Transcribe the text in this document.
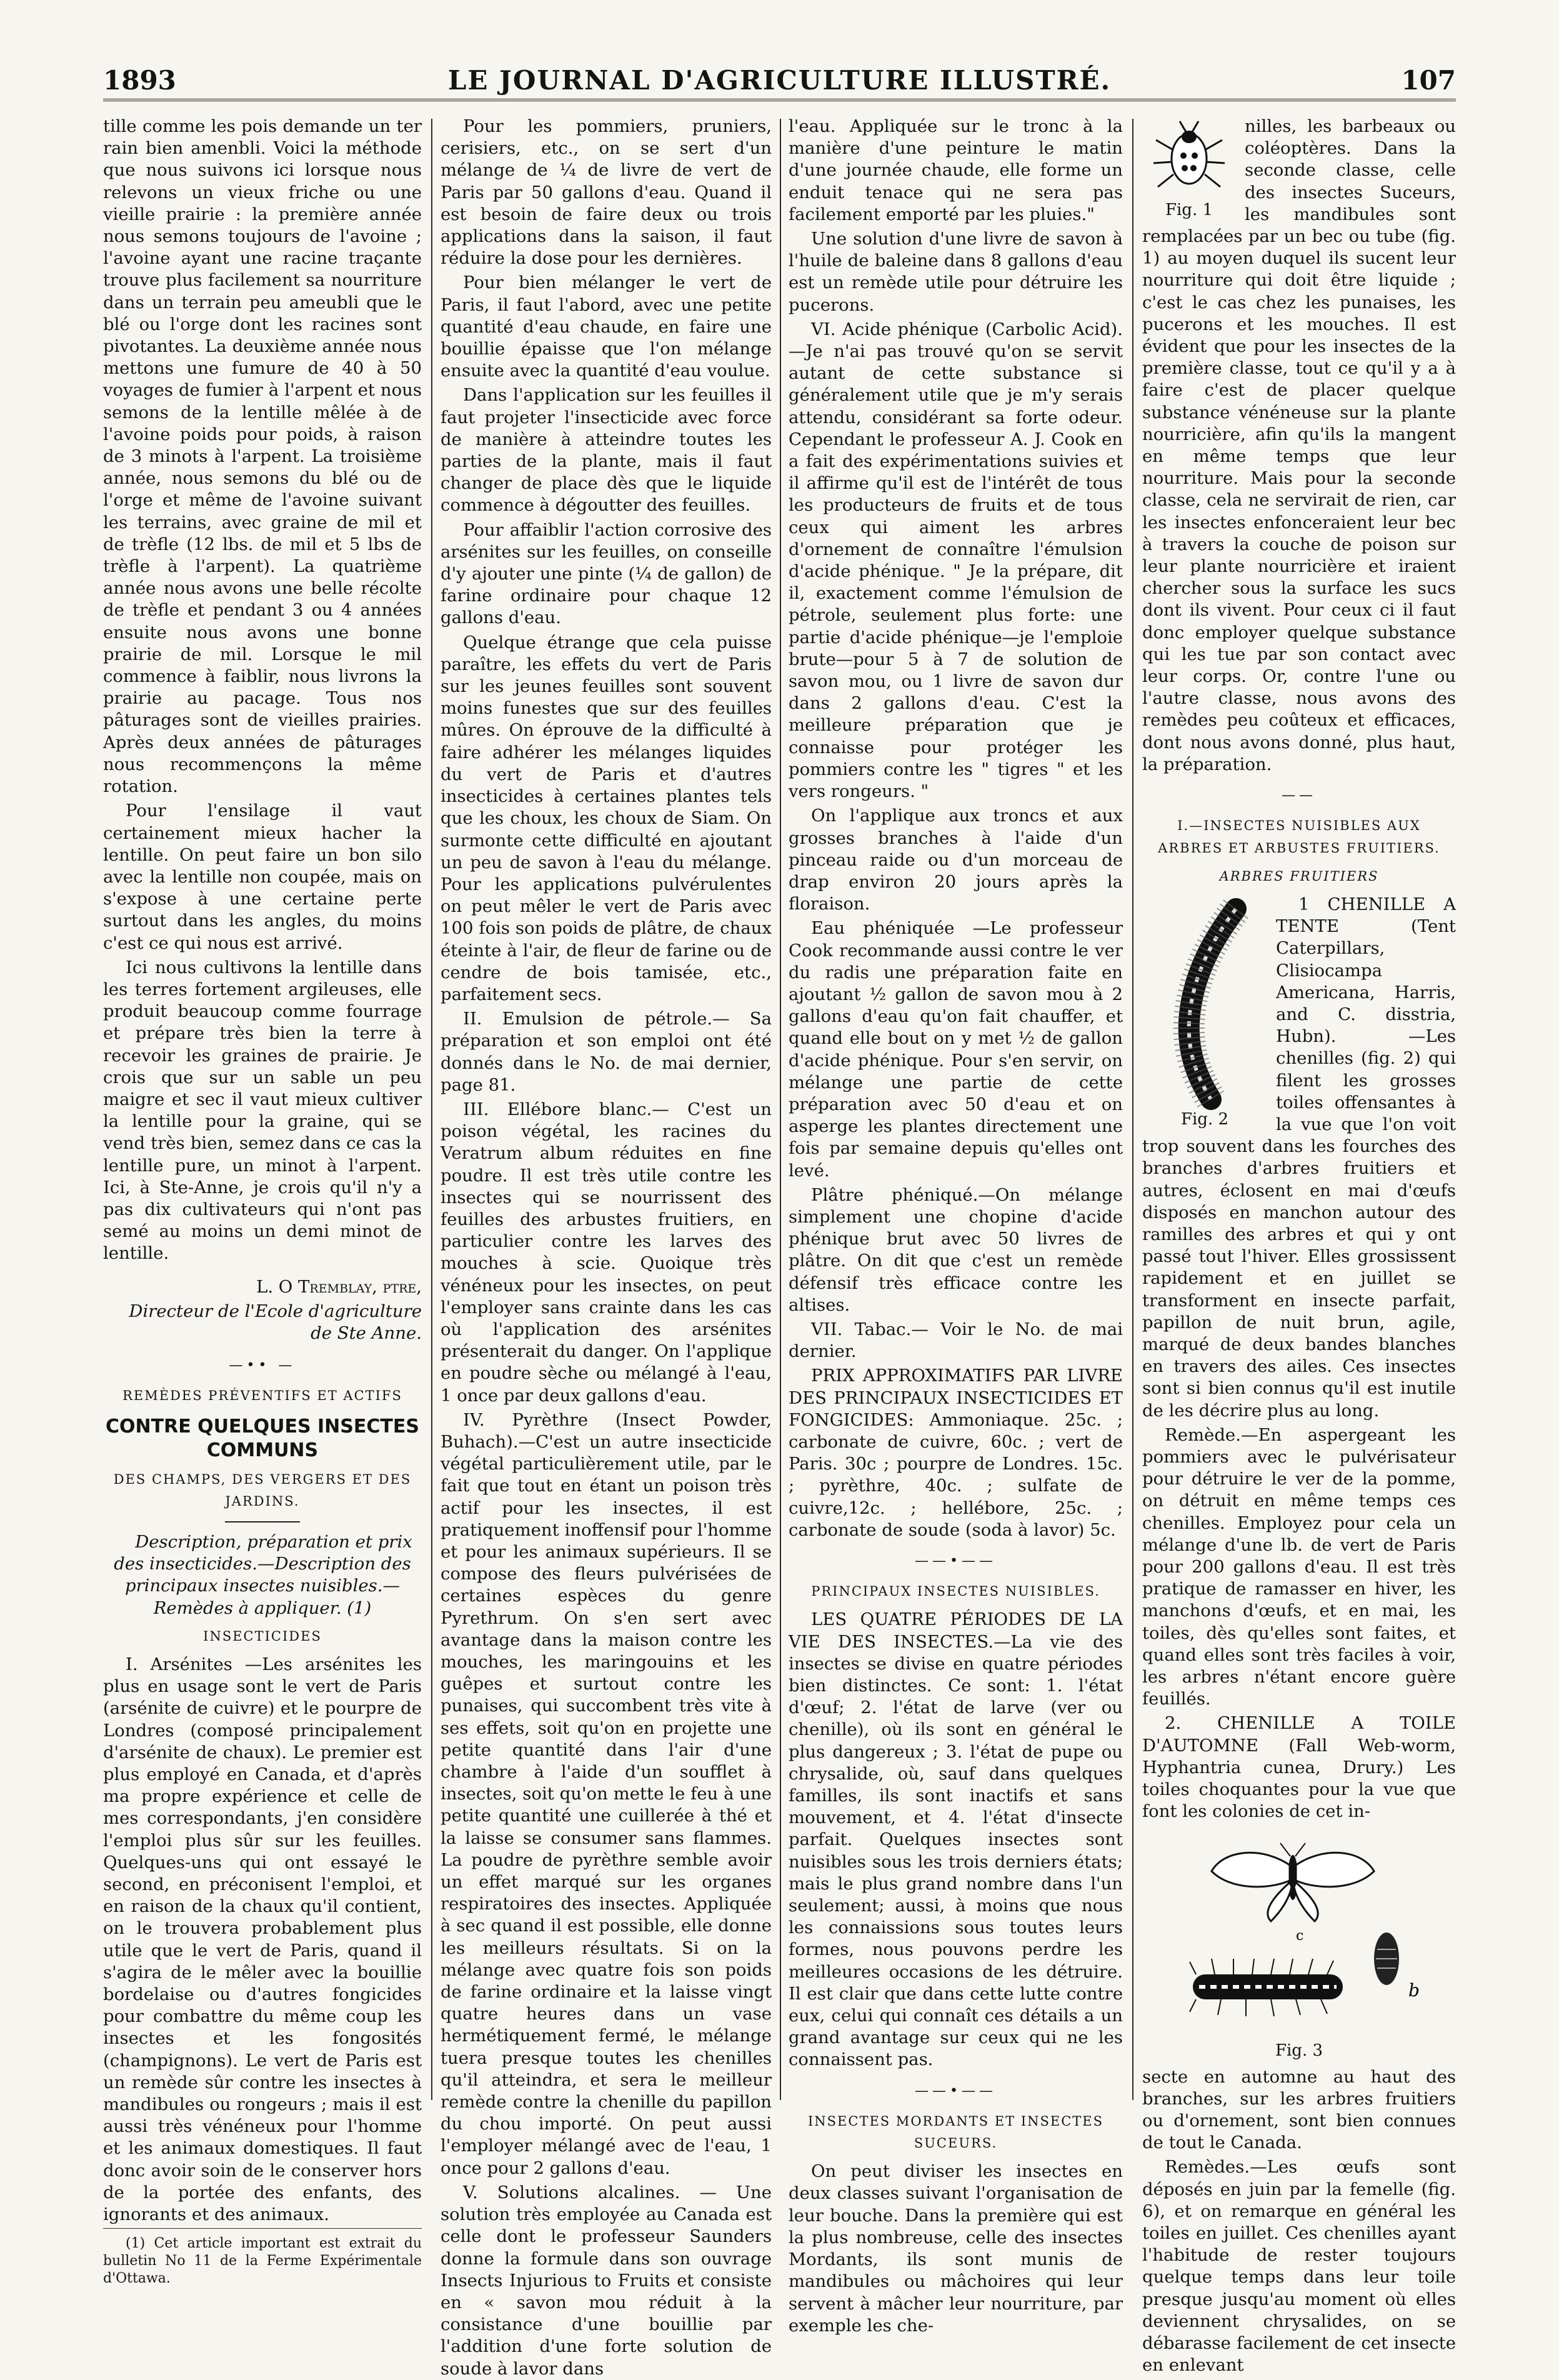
1893	LE JOURNAL D'AGRICULTURE ILLUSTRÉ.	107

tille comme les pois demande un ter rain bien amenbli. Voici la méthode que nous suivons ici lorsque nous relevons un vieux friche ou une vieille prairie : la première année nous semons toujours de l'avoine ; l'avoine ayant une racine traçante trouve plus facilement sa nourriture dans un terrain peu ameubli que le blé ou l'orge dont les racines sont pivotantes. La deuxième année nous mettons une fumure de 40 à 50 voyages de fumier à l'arpent et nous semons de la lentille mêlée à de l'avoine poids pour poids, à raison de 3 minots à l'arpent. La troisième année, nous semons du blé ou de l'orge et même de l'avoine suivant les terrains, avec graine de mil et de trèfle (12 lbs. de mil et 5 lbs de trèfle à l'arpent). La quatrième année nous avons une belle récolte de trèfle et pendant 3 ou 4 années ensuite nous avons une bonne prairie de mil. Lorsque le mil commence à faiblir, nous livrons la prairie au pacage. Tous nos pâturages sont de vieilles prairies. Après deux années de pâturages nous recommençons la même rotation.

Pour l'ensilage il vaut certainement mieux hacher la lentille. On peut faire un bon silo avec la lentille non coupée, mais on s'expose à une certaine perte surtout dans les angles, du moins c'est ce qui nous est arrivé.

Ici nous cultivons la lentille dans les terres fortement argileuses, elle produit beaucoup comme fourrage et prépare très bien la terre à recevoir les graines de prairie. Je crois que sur un sable un peu maigre et sec il vaut mieux cultiver la lentille pour la graine, qui se vend très bien, semez dans ce cas la lentille pure, un minot à l'arpent. Ici, à Ste-Anne, je crois qu'il n'y a pas dix cultivateurs qui n'ont pas semé au moins un demi minot de lentille.

L. O Tremblay, ptre,
Directeur de l'Ecole d'agriculture de Ste Anne.
—•• —
REMÈDES PRÉVENTIFS ET ACTIFS
CONTRE QUELQUES INSECTES COMMUNS
DES CHAMPS, DES VERGERS ET DES JARDINS.

Description, préparation et prix des insecticides.—Description des principaux insectes nuisibles.— Remèdes à appliquer. (1)

INSECTICIDES

I. Arsénites —Les arsénites les plus en usage sont le vert de Paris (arsénite de cuivre) et le pourpre de Londres (composé principalement d'arsénite de chaux). Le premier est plus employé en Canada, et d'après ma propre expérience et celle de mes correspondants, j'en considère l'emploi plus sûr sur les feuilles. Quelques-uns qui ont essayé le second, en préconisent l'emploi, et en raison de la chaux qu'il contient, on le trouvera probablement plus utile que le vert de Paris, quand il s'agira de le mêler avec la bouillie bordelaise ou d'autres fongicides pour combattre du même coup les insectes et les fongosités (champignons). Le vert de Paris est un remède sûr contre les insectes à mandibules ou rongeurs ; mais il est aussi très vénéneux pour l'homme et les animaux domestiques. Il faut donc avoir soin de le conserver hors de la portée des enfants, des ignorants et des animaux.

(1) Cet article important est extrait du bulletin No 11 de la Ferme Expérimentale d'Ottawa.

Pour les pommiers, pruniers, cerisiers, etc., on se sert d'un mélange de ¼ de livre de vert de Paris par 50 gallons d'eau. Quand il est besoin de faire deux ou trois applications dans la saison, il faut réduire la dose pour les dernières.

Pour bien mélanger le vert de Paris, il faut l'abord, avec une petite quantité d'eau chaude, en faire une bouillie épaisse que l'on mélange ensuite avec la quantité d'eau voulue.

Dans l'application sur les feuilles il faut projeter l'insecticide avec force de manière à atteindre toutes les parties de la plante, mais il faut changer de place dès que le liquide commence à dégoutter des feuilles.

Pour affaiblir l'action corrosive des arsénites sur les feuilles, on conseille d'y ajouter une pinte (¼ de gallon) de farine ordinaire pour chaque 12 gallons d'eau.

Quelque étrange que cela puisse paraître, les effets du vert de Paris sur les jeunes feuilles sont souvent moins funestes que sur des feuilles mûres. On éprouve de la difficulté à faire adhérer les mélanges liquides du vert de Paris et d'autres insecticides à certaines plantes tels que les choux, les choux de Siam. On surmonte cette difficulté en ajoutant un peu de savon à l'eau du mélange. Pour les applications pulvérulentes on peut mêler le vert de Paris avec 100 fois son poids de plâtre, de chaux éteinte à l'air, de fleur de farine ou de cendre de bois tamisée, etc., parfaitement secs.

II. Emulsion de pétrole.— Sa préparation et son emploi ont été donnés dans le No. de mai dernier, page 81.

III. Ellébore blanc.— C'est un poison végétal, les racines du Veratrum album réduites en fine poudre. Il est très utile contre les insectes qui se nourrissent des feuilles des arbustes fruitiers, en particulier contre les larves des mouches à scie. Quoique très vénéneux pour les insectes, on peut l'employer sans crainte dans les cas où l'application des arsénites présenterait du danger. On l'applique en poudre sèche ou mélangé à l'eau, 1 once par deux gallons d'eau.

IV. Pyrèthre (Insect Powder, Buhach).—C'est un autre insecticide végétal particulièrement utile, par le fait que tout en étant un poison très actif pour les insectes, il est pratiquement inoffensif pour l'homme et pour les animaux supérieurs. Il se compose des fleurs pulvérisées de certaines espèces du genre Pyrethrum. On s'en sert avec avantage dans la maison contre les mouches, les maringouins et les guêpes et surtout contre les punaises, qui succombent très vite à ses effets, soit qu'on en projette une petite quantité dans l'air d'une chambre à l'aide d'un soufflet à insectes, soit qu'on mette le feu à une petite quantité une cuillerée à thé et la laisse se consumer sans flammes. La poudre de pyrèthre semble avoir un effet marqué sur les organes respiratoires des insectes. Appliquée à sec quand il est possible, elle donne les meilleurs résultats. Si on la mélange avec quatre fois son poids de farine ordinaire et la laisse vingt quatre heures dans un vase hermétiquement fermé, le mélange tuera presque toutes les chenilles qu'il atteindra, et sera le meilleur remède contre la chenille du papillon du chou importé. On peut aussi l'employer mélangé avec de l'eau, 1 once pour 2 gallons d'eau.

V. Solutions alcalines. — Une solution très employée au Canada est celle dont le professeur Saunders donne la formule dans son ouvrage Insects Injurious to Fruits et consiste en « savon mou réduit à la consistance d'une bouillie par l'addition d'une forte solution de soude à lavor dans

l'eau. Appliquée sur le tronc à la manière d'une peinture le matin d'une journée chaude, elle forme un enduit tenace qui ne sera pas facilement emporté par les pluies."

Une solution d'une livre de savon à l'huile de baleine dans 8 gallons d'eau est un remède utile pour détruire les pucerons.

VI. Acide phénique (Carbolic Acid). —Je n'ai pas trouvé qu'on se servit autant de cette substance si généralement utile que je m'y serais attendu, considérant sa forte odeur. Cependant le professeur A. J. Cook en a fait des expérimentations suivies et il affirme qu'il est de l'intérêt de tous les producteurs de fruits et de tous ceux qui aiment les arbres d'ornement de connaître l'émulsion d'acide phénique. " Je la prépare, dit il, exactement comme l'émulsion de pétrole, seulement plus forte: une partie d'acide phénique—je l'emploie brute—pour 5 à 7 de solution de savon mou, ou 1 livre de savon dur dans 2 gallons d'eau. C'est la meilleure préparation que je connaisse pour protéger les pommiers contre les " tigres " et les vers rongeurs. "

On l'applique aux troncs et aux grosses branches à l'aide d'un pinceau raide ou d'un morceau de drap environ 20 jours après la floraison.

Eau phéniquée —Le professeur Cook recommande aussi contre le ver du radis une préparation faite en ajoutant ½ gallon de savon mou à 2 gallons d'eau qu'on fait chauffer, et quand elle bout on y met ½ de gallon d'acide phénique. Pour s'en servir, on mélange une partie de cette préparation avec 50 d'eau et on asperge les plantes directement une fois par semaine depuis qu'elles ont levé.

Plâtre phéniqué.—On mélange simplement une chopine d'acide phénique brut avec 50 livres de plâtre. On dit que c'est un remède défensif très efficace contre les altises.

VII. Tabac.— Voir le No. de mai dernier.

PRIX APPROXIMATIFS PAR LIVRE DES PRINCIPAUX INSECTICIDES ET FONGICIDES: Ammoniaque. 25c. ; carbonate de cuivre, 60c. ; vert de Paris. 30c ; pourpre de Londres. 15c. ; pyrèthre, 40c. ; sulfate de cuivre,12c. ; hellébore, 25c. ; carbonate de soude (soda à lavor) 5c.

——•——
PRINCIPAUX INSECTES NUISIBLES.

LES QUATRE PÉRIODES DE LA VIE DES INSECTES.—La vie des insectes se divise en quatre périodes bien distinctes. Ce sont: 1. l'état d'œuf; 2. l'état de larve (ver ou chenille), où ils sont en général le plus dangereux ; 3. l'état de pupe ou chrysalide, où, sauf dans quelques familles, ils sont inactifs et sans mouvement, et 4. l'état d'insecte parfait. Quelques insectes sont nuisibles sous les trois derniers états; mais le plus grand nombre dans l'un seulement; aussi, à moins que nous les connaissions sous toutes leurs formes, nous pouvons perdre les meilleures occasions de les détruire. Il est clair que dans cette lutte contre eux, celui qui connaît ces détails a un grand avantage sur ceux qui ne les connaissent pas.

——•——
INSECTES MORDANTS ET INSECTES SUCEURS.

On peut diviser les insectes en deux classes suivant l'organisation de leur bouche. Dans la première qui est la plus nombreuse, celle des insectes Mordants, ils sont munis de mandibules ou mâchoires qui leur servent à mâcher leur nourriture, par exemple les che-

Fig. 1

nilles, les barbeaux ou coléoptères. Dans la seconde classe, celle des insectes Suceurs, les mandibules sont remplacées par un bec ou tube (fig. 1) au moyen duquel ils sucent leur nourriture qui doit être liquide ; c'est le cas chez les punaises, les pucerons et les mouches. Il est évident que pour les insectes de la première classe, tout ce qu'il y a à faire c'est de placer quelque substance vénéneuse sur la plante nourricière, afin qu'ils la mangent en même temps que leur nourriture. Mais pour la seconde classe, cela ne servirait de rien, car les insectes enfonceraient leur bec à travers la couche de poison sur leur plante nourricière et iraient chercher sous la surface les sucs dont ils vivent. Pour ceux ci il faut donc employer quelque substance qui les tue par son contact avec leur corps. Or, contre l'une ou l'autre classe, nous avons des remèdes peu coûteux et efficaces, dont nous avons donné, plus haut, la préparation.

——
I.—INSECTES NUISIBLES AUX ARBRES ET ARBUSTES FRUITIERS.
ARBRES FRUITIERS
Fig. 2

1 CHENILLE A TENTE (Tent Caterpillars, Clisiocampa Americana, Harris, and C. disstria, Hubn). —Les chenilles (fig. 2) qui filent les grosses toiles offensantes à la vue que l'on voit trop souvent dans les fourches des branches d'arbres fruitiers et autres, éclosent en mai d'œufs disposés en manchon autour des ramilles des arbres et qui y ont passé tout l'hiver. Elles grossissent rapidement et en juillet se transforment en insecte parfait, papillon de nuit brun, agile, marqué de deux bandes blanches en travers des ailes. Ces insectes sont si bien connus qu'il est inutile de les décrire plus au long.

Remède.—En aspergeant les pommiers avec le pulvérisateur pour détruire le ver de la pomme, on détruit en même temps ces chenilles. Employez pour cela un mélange d'une lb. de vert de Paris pour 200 gallons d'eau. Il est très pratique de ramasser en hiver, les manchons d'œufs, et en mai, les toiles, dès qu'elles sont faites, et quand elles sont très faciles à voir, les arbres n'étant encore guère feuillés.

2. CHENILLE A TOILE D'AUTOMNE (Fall Web-worm, Hyphantria cunea, Drury.) Les toiles choquantes pour la vue que font les colonies de cet in-

c
b
Fig. 3

secte en automne au haut des branches, sur les arbres fruitiers ou d'ornement, sont bien connues de tout le Canada.

Remèdes.—Les œufs sont déposés en juin par la femelle (fig. 6), et on remarque en général les toiles en juillet. Ces chenilles ayant l'habitude de rester toujours quelque temps dans leur toile presque jusqu'au moment où elles deviennent chrysalides, on se débarasse facilement de cet insecte en enlevant
